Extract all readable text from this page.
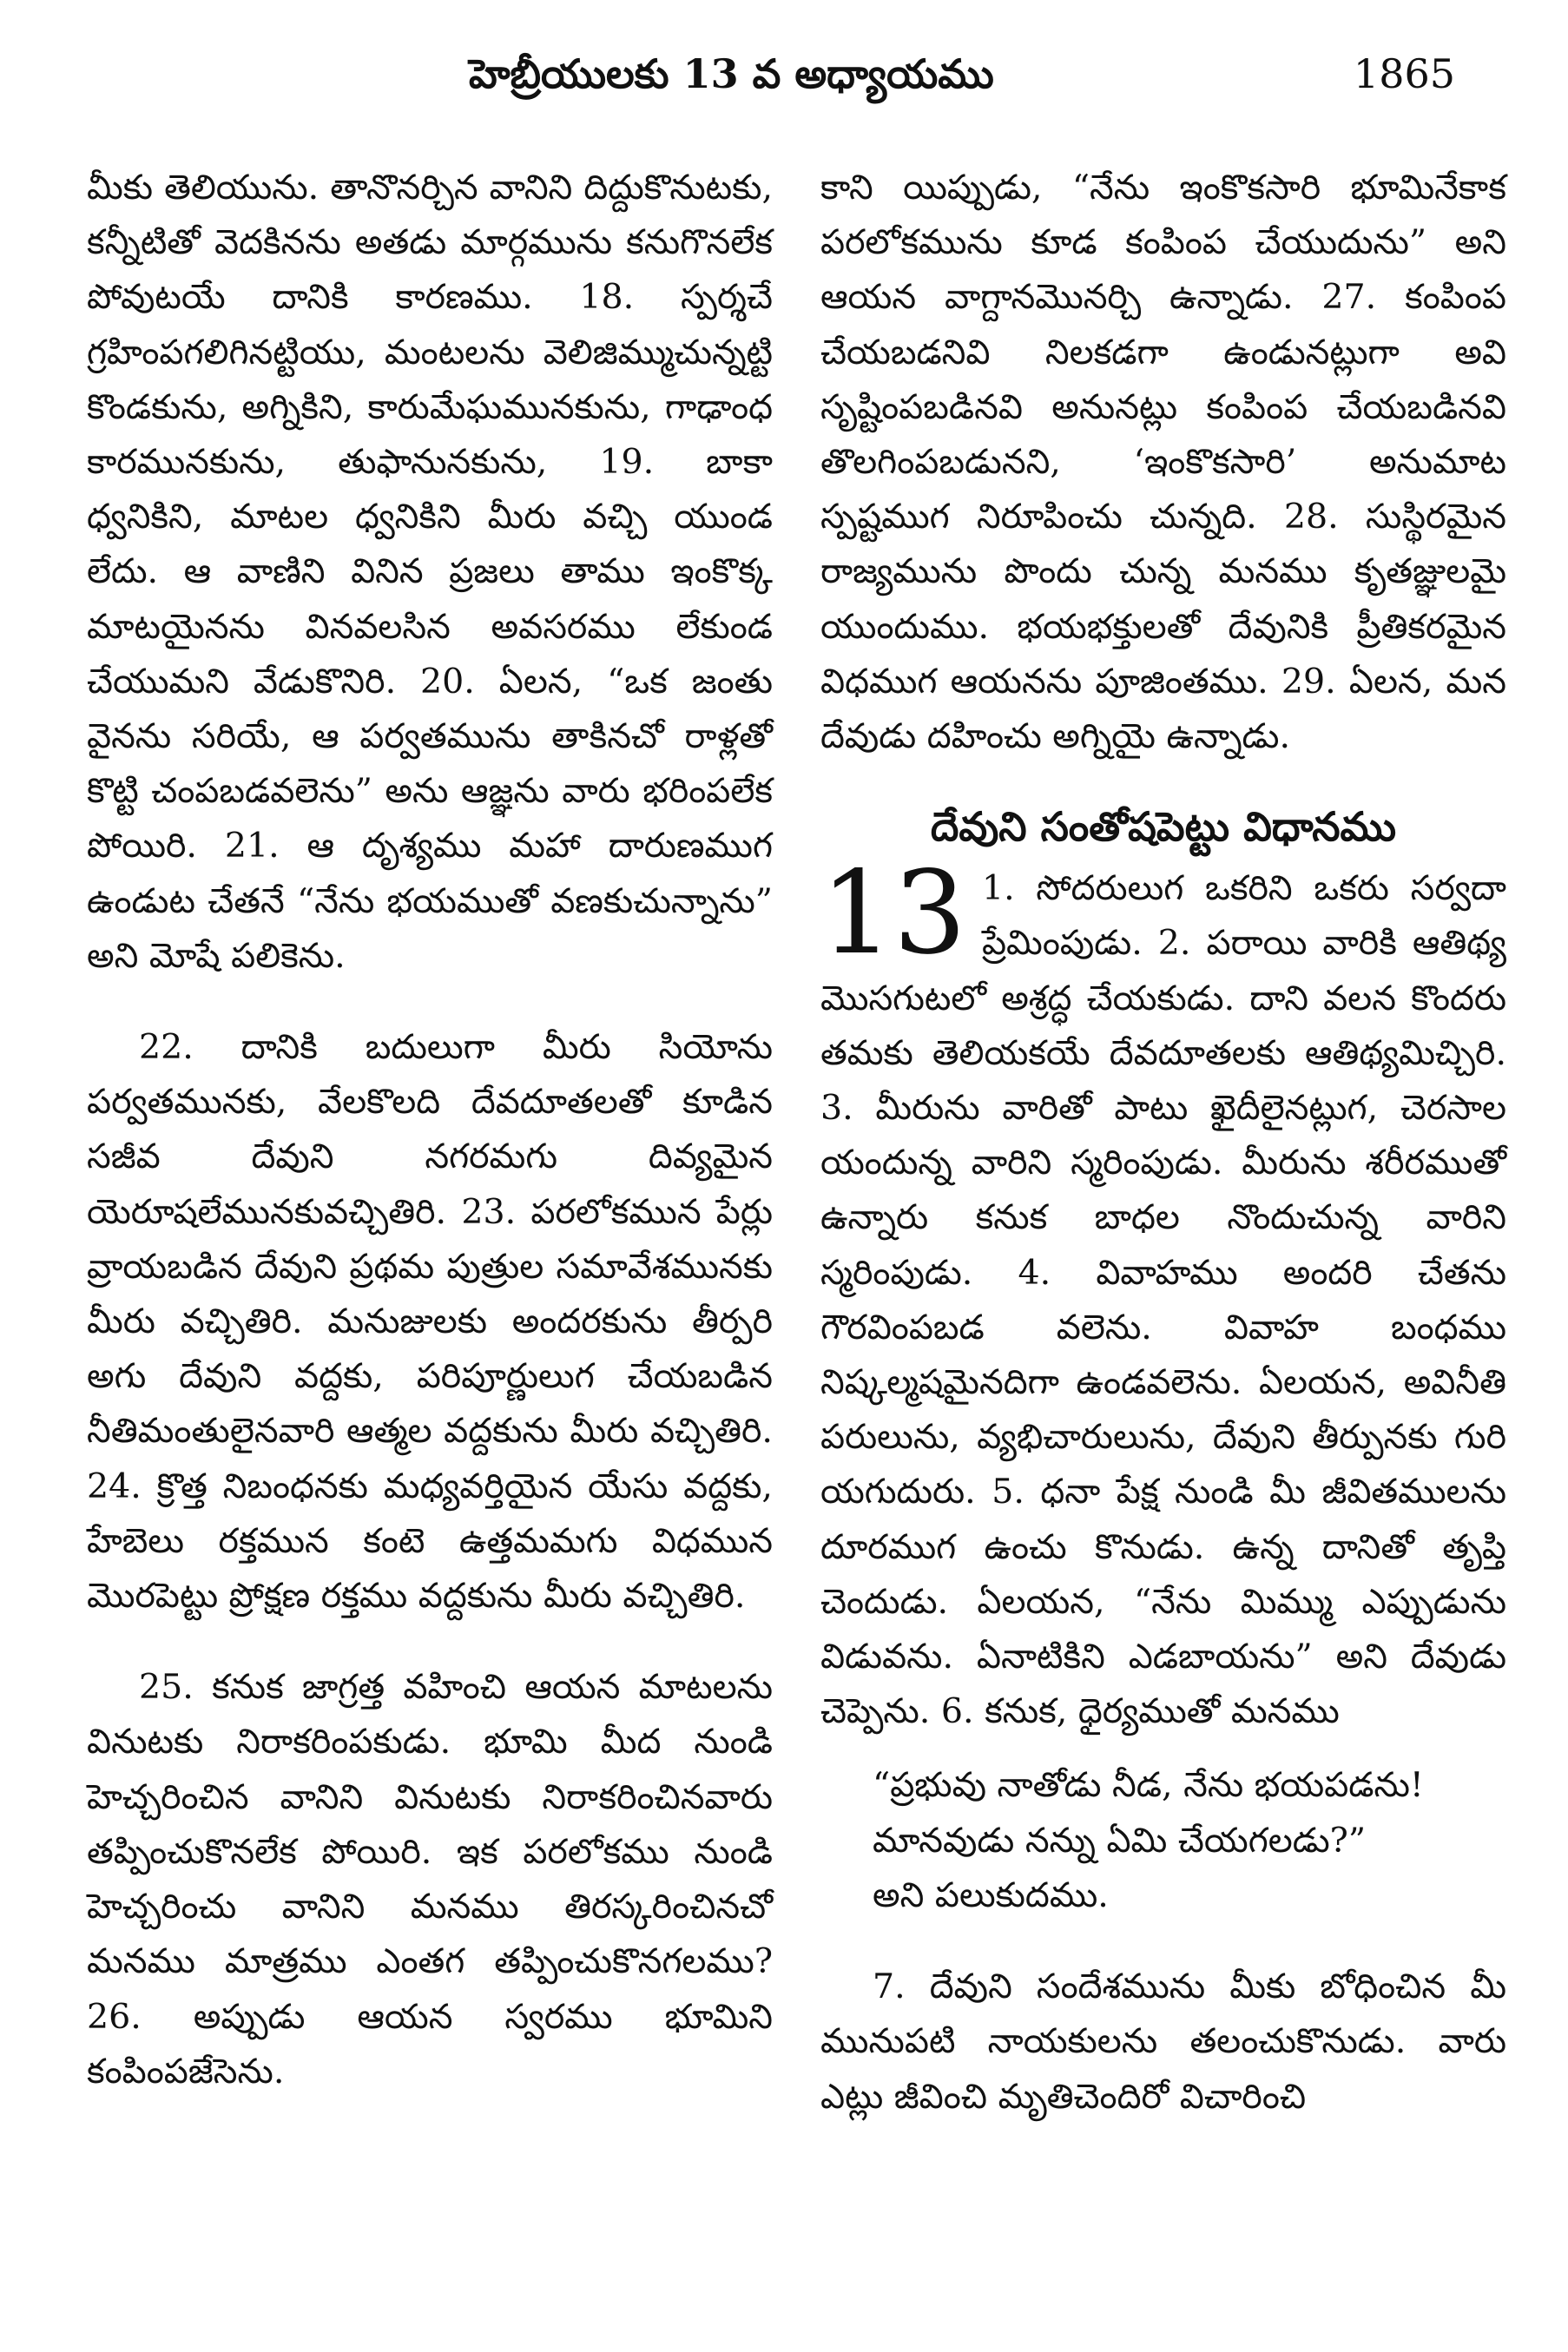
హెబ్రీయులకు 13 వ అధ్యాయము	1865

మీకు తెలియును. తానొనర్చిన వానిని దిద్దుకొనుటకు, కన్నీటితో వెదకినను అతడు మార్గమును కనుగొనలేక పోవుటయే దానికి కారణము. 18. స్పర్శచే గ్రహింపగలిగినట్టియు, మంటలను వెలిజిమ్ముచున్నట్టి కొండకును, అగ్నికిని, కారుమేఘమునకును, గాఢాంధ కారమునకును, తుఫానునకును, 19. బాకా ధ్వనికిని, మాటల ధ్వనికిని మీరు వచ్చి యుండ లేదు. ఆ వాణిని వినిన ప్రజలు తాము ఇంకొక్క మాటయైనను వినవలసిన అవసరము లేకుండ చేయుమని వేడుకొనిరి. 20. ఏలన, “ఒక జంతు వైనను సరియే, ఆ పర్వతమును తాకినచో రాళ్లతో కొట్టి చంపబడవలెను” అను ఆజ్ఞను వారు భరింపలేక పోయిరి. 21. ఆ దృశ్యము మహా దారుణముగ ఉండుట చేతనే “నేను భయముతో వణకుచున్నాను” అని మోషే పలికెను.

22. దానికి బదులుగా మీరు సియోను పర్వతమునకు, వేలకొలది దేవదూతలతో కూడిన సజీవ దేవుని నగరమగు దివ్యమైన యెరూషలేమునకువచ్చితిరి. 23. పరలోకమున పేర్లు వ్రాయబడిన దేవుని ప్రథమ పుత్రుల సమావేశమునకు మీరు వచ్చితిరి. మనుజులకు అందరకును తీర్పరి అగు దేవుని వద్దకు, పరిపూర్ణులుగ చేయబడిన నీతిమంతులైనవారి ఆత్మల వద్దకును మీరు వచ్చితిరి. 24. క్రొత్త నిబంధనకు మధ్యవర్తియైన యేసు వద్దకు, హేబెలు రక్తమున కంటె ఉత్తమమగు విధమున మొరపెట్టు ప్రోక్షణ రక్తము వద్దకును మీరు వచ్చితిరి.

25. కనుక జాగ్రత్త వహించి ఆయన మాటలను వినుటకు నిరాకరింపకుడు. భూమి మీద నుండి హెచ్చరించిన వానిని వినుటకు నిరాకరించినవారు తప్పించుకొనలేక పోయిరి. ఇక పరలోకము నుండి హెచ్చరించు వానిని మనము తిరస్కరించినచో మనము మాత్రము ఎంతగ తప్పించుకొనగలము? 26. అప్పుడు ఆయన స్వరము భూమిని కంపింపజేసెను.

కాని యిప్పుడు, “నేను ఇంకొకసారి భూమినేకాక పరలోకమును కూడ కంపింప చేయుదును” అని ఆయన వాగ్దానమొనర్చి ఉన్నాడు. 27. కంపింప చేయబడనివి నిలకడగా ఉండునట్లుగా అవి సృష్టింపబడినవి అనునట్లు కంపింప చేయబడినవి తొలగింపబడునని, ‘ఇంకొకసారి’ అనుమాట స్పష్టముగ నిరూపించు చున్నది. 28. సుస్థిరమైన రాజ్యమును పొందు చున్న మనము కృతజ్ఞులమై యుందుము. భయభక్తులతో దేవునికి ప్రీతికరమైన విధముగ ఆయనను పూజింతము. 29. ఏలన, మన దేవుడు దహించు అగ్నియై ఉన్నాడు.

దేవుని సంతోషపెట్టు విధానము

13 1. సోదరులుగ ఒకరిని ఒకరు సర్వదా ప్రేమింపుడు. 2. పరాయి వారికి ఆతిథ్య మొసగుటలో అశ్రద్ధ చేయకుడు. దాని వలన కొందరు తమకు తెలియకయే దేవదూతలకు ఆతిథ్యమిచ్చిరి. 3. మీరును వారితో పాటు ఖైదీలైనట్లుగ, చెరసాల యందున్న వారిని స్మరింపుడు. మీరును శరీరముతో ఉన్నారు కనుక బాధల నొందుచున్న వారిని స్మరింపుడు. 4. వివాహము అందరి చేతను గౌరవింపబడ వలెను. వివాహ బంధము నిష్కల్మషమైనదిగా ఉండవలెను. ఏలయన, అవినీతి పరులును, వ్యభిచారులును, దేవుని తీర్పునకు గురి యగుదురు. 5. ధనా పేక్ష నుండి మీ జీవితములను దూరముగ ఉంచు కొనుడు. ఉన్న దానితో తృప్తి చెందుడు. ఏలయన, “నేను మిమ్ము ఎప్పుడును విడువను. ఏనాటికిని ఎడబాయను” అని దేవుడు చెప్పెను. 6. కనుక, ధైర్యముతో మనము

“ప్రభువు నాతోడు నీడ, నేను భయపడను!
మానవుడు నన్ను ఏమి చేయగలడు?”
అని పలుకుదము.

7. దేవుని సందేశమును మీకు బోధించిన మీ మునుపటి నాయకులను తలంచుకొనుడు. వారు ఎట్లు జీవించి మృతిచెందిరో విచారించి
